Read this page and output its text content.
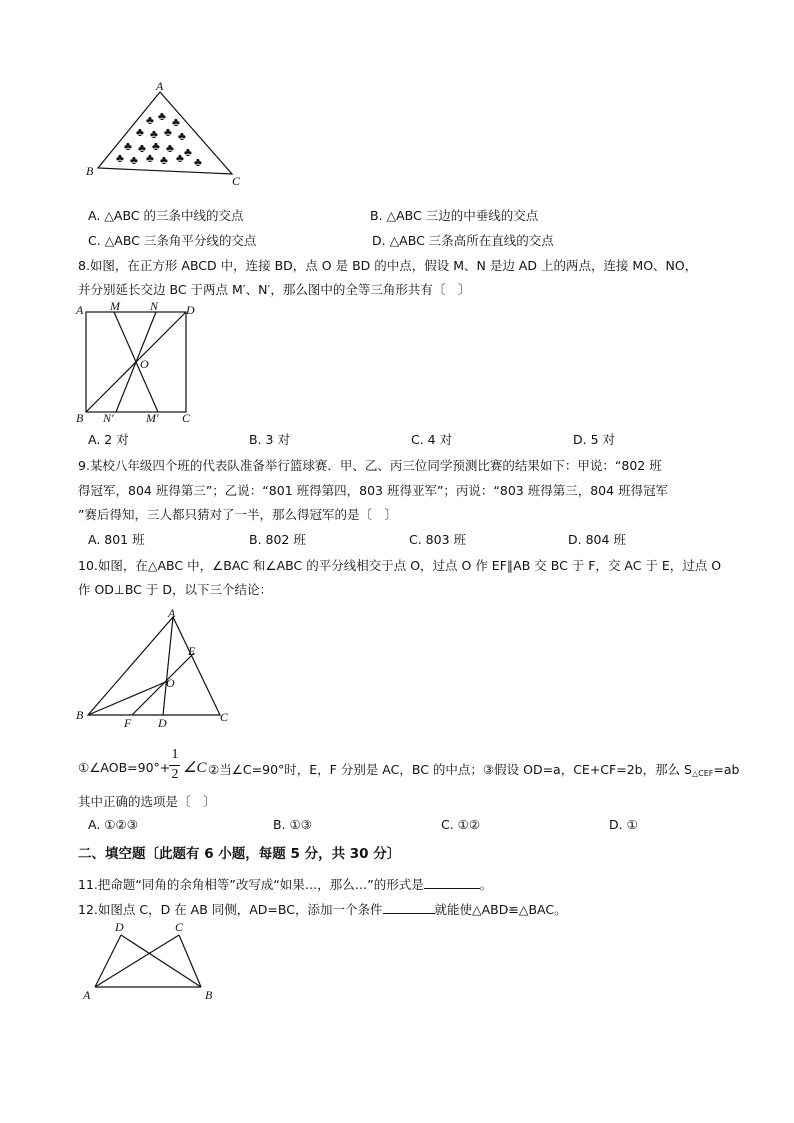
A
B
C
♣ ♣ ♣
♣ ♣ ♣ ♣
♣ ♣ ♣ ♣ ♣
♣ ♣ ♣ ♣ ♣ ♣
A. △ABC 的三条中线的交点	B. △ABC 三边的中垂线的交点
C. △ABC 三条角平分线的交点	D. △ABC 三条高所在直线的交点
8.如图，在正方形 ABCD 中，连接 BD，点 O 是 BD 的中点，假设 M、N 是边 AD 上的两点，连接 MO、NO，
并分别延长交边 BC 于两点 M′、N′，那么图中的全等三角形共有〔　〕
A M	N D
O
B N′	M′ C
A. 2 对	B. 3 对	C. 4 对	D. 5 对
9.某校八年级四个班的代表队准备举行篮球赛．甲、乙、丙三位同学预测比赛的结果如下：甲说：“802 班
得冠军，804 班得第三”；乙说：“801 班得第四，803 班得亚军”；丙说：“803 班得第三，804 班得冠军
”赛后得知，三人都只猜对了一半，那么得冠军的是〔　〕
A. 801 班	B. 802 班	C. 803 班	D. 804 班
10.如图，在△ABC 中，∠BAC 和∠ABC 的平分线相交于点 O，过点 O 作 EF∥AB 交 BC 于 F，交 AC 于 E，过点 O
作 OD⊥BC 于 D，以下三个结论：
A
E
O
B
F D	C
①∠AOB=90°+
1
2 ∠C ②当∠C=90°时，E，F 分别是 AC，BC 的中点；③假设 OD=a，CE+CF=2b，那么 $S_{\triangle CEF}=ab$
其中正确的选项是〔　〕
A. ①②③	B. ①③	C. ①②	D. ①
二、填空题〔此题有 6 小题，每题 5 分，共 30 分〕
11.把命题“同角的余角相等”改写成“如果…，那么…”的形式是	。
12.如图点 C，D 在 AB 同侧，AD=BC，添加一个条件	就能使△ABD≌△BAC。
D	C
A	B
